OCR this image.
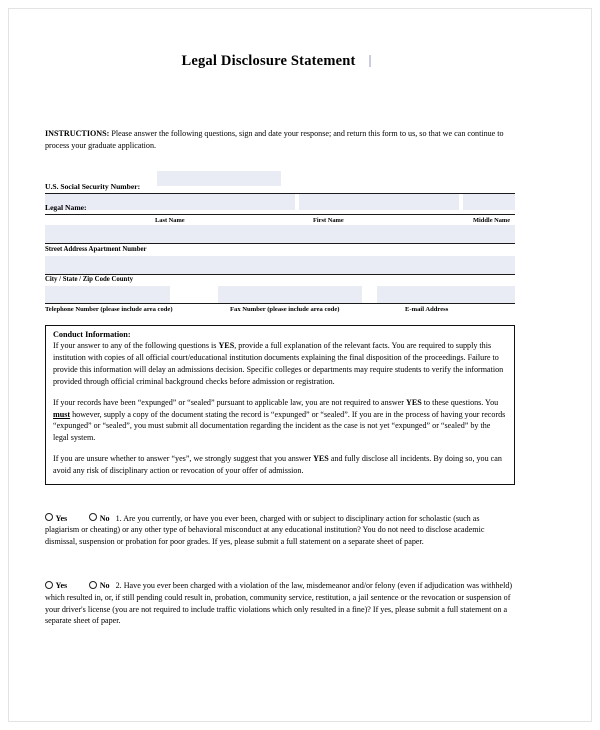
Legal Disclosure Statement
INSTRUCTIONS: Please answer the following questions, sign and date your response; and return this form to us, so that we can continue to process your graduate application.
U.S. Social Security Number:
Legal Name:
Last Name	First Name	Middle Name
Street Address Apartment Number
City / State / Zip Code County
Telephone Number (please include area code)	Fax Number (please include area code)	E-mail Address
Conduct Information:

If your answer to any of the following questions is YES, provide a full explanation of the relevant facts. You are required to supply this institution with copies of all official court/educational institution documents explaining the final disposition of the proceedings. Failure to provide this information will delay an admissions decision. Specific colleges or departments may require students to verify the information provided through official criminal background checks before admission or registration.

If your records have been “expunged” or “sealed” pursuant to applicable law, you are not required to answer YES to these questions. You must however, supply a copy of the document stating the record is “expunged” or “sealed”. If you are in the process of having your records “expunged” or “sealed”, you must submit all documentation regarding the incident as the case is not yet “expunged” or “sealed” by the legal system.

If you are unsure whether to answer “yes”, we strongly suggest that you answer YES and fully disclose all incidents. By doing so, you can avoid any risk of disciplinary action or revocation of your offer of admission.

Yes	No 1. Are you currently, or have you ever been, charged with or subject to disciplinary action for scholastic (such as plagiarism or cheating) or any other type of behavioral misconduct at any educational institution? You do not need to disclose academic dismissal, suspension or probation for poor grades. If yes, please submit a full statement on a separate sheet of paper.
Yes	No 2. Have you ever been charged with a violation of the law, misdemeanor and/or felony (even if adjudication was withheld) which resulted in, or, if still pending could result in, probation, community service, restitution, a jail sentence or the revocation or suspension of your driver's license (you are not required to include traffic violations which only resulted in a fine)? If yes, please submit a full statement on a separate sheet of paper.
